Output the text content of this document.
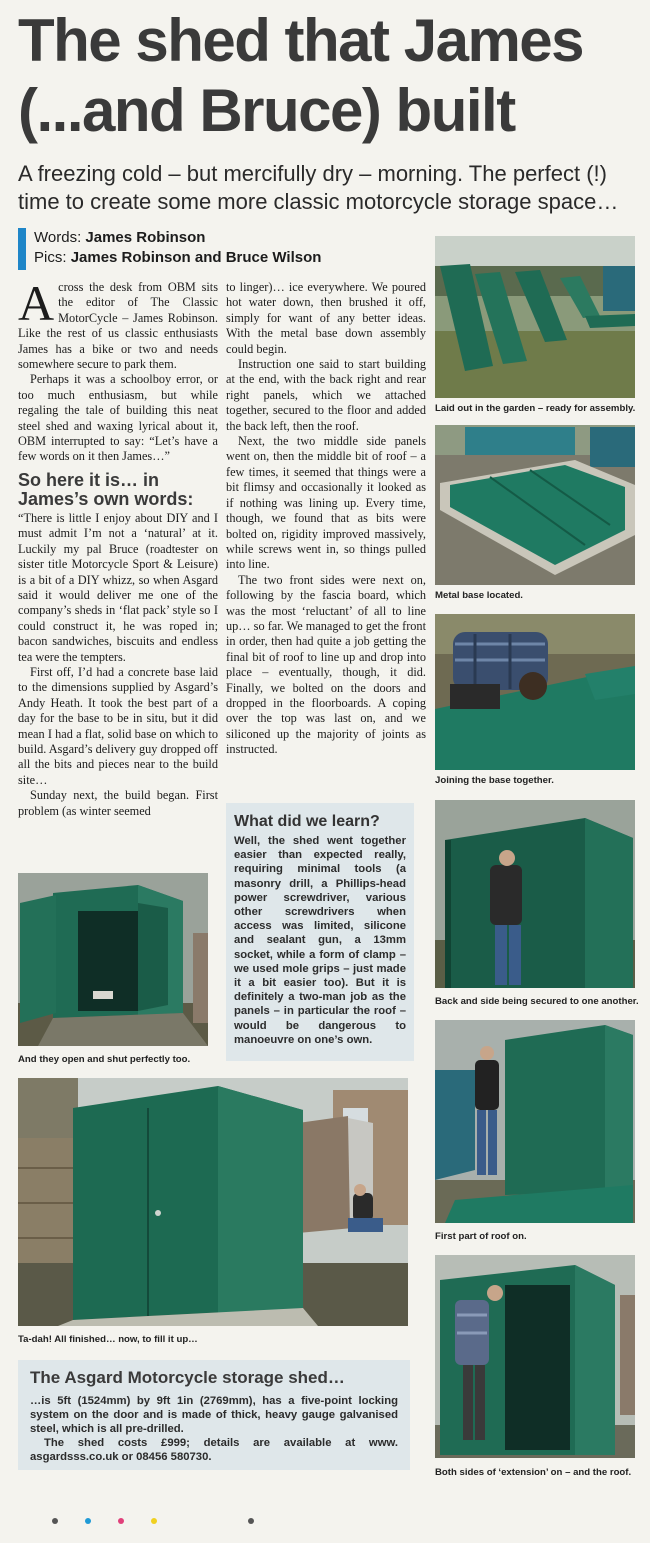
The shed that James
(...and Bruce) built
A freezing cold – but mercifully dry – morning. The perfect (!)
time to create some more classic motorcycle storage space…
Words: James Robinson
Pics: James Robinson and Bruce Wilson

Across the desk from OBM sits the editor of The Classic MotorCycle – James Robinson. Like the rest of us classic enthusiasts James has a bike or two and needs somewhere secure to park them.

Perhaps it was a schoolboy error, or too much enthusiasm, but while regaling the tale of building this neat steel shed and waxing lyrical about it, OBM interrupted to say: “Let’s have a few words on it then James…”

So here it is… in James’s own words:

“There is little I enjoy about DIY and I must admit I’m not a ‘natural’ at it. Luckily my pal Bruce (roadtester on sister title Motorcycle Sport & Leisure) is a bit of a DIY whizz, so when Asgard said it would deliver me one of the company’s sheds in ‘flat pack’ style so I could construct it, he was roped in; bacon sandwiches, biscuits and endless tea were the tempters.

First off, I’d had a concrete base laid to the dimensions supplied by Asgard’s Andy Heath. It took the best part of a day for the base to be in situ, but it did mean I had a flat, solid base on which to build. Asgard’s delivery guy dropped off all the bits and pieces near to the build site…

Sunday next, the build began. First problem (as winter seemed

to linger)… ice everywhere. We poured hot water down, then brushed it off, simply for want of any better ideas. With the metal base down assembly could begin.

Instruction one said to start building at the end, with the back right and rear right panels, which we attached together, secured to the floor and added the back left, then the roof.

Next, the two middle side panels went on, then the middle bit of roof – a few times, it seemed that things were a bit flimsy and occasionally it looked as if nothing was lining up. Every time, though, we found that as bits were bolted on, rigidity improved massively, while screws went in, so things pulled into line.

The two front sides were next on, following by the fascia board, which was the most ‘reluctant’ of all to line up… so far. We managed to get the front in order, then had quite a job getting the final bit of roof to line up and drop into place – eventually, though, it did. Finally, we bolted on the doors and dropped in the floorboards. A coping over the top was last on, and we siliconed up the majority of joints as instructed.

What did we learn?

Well, the shed went together easier than expected really, requiring minimal tools (a masonry drill, a Phillips-head power screwdriver, various other screwdrivers when access was limited, silicone and sealant gun, a 13mm socket, while a form of clamp – we used mole grips – just made it a bit easier too). But it is definitely a two-man job as the panels – in particular the roof – would be dangerous to manoeuvre on one’s own.

Laid out in the garden – ready for assembly.
Metal base located.
Joining the base together.
Back and side being secured to one another.
First part of roof on.
Both sides of ‘extension’ on – and the roof.
And they open and shut perfectly too.
Ta-dah! All finished… now, to fill it up…
The Asgard Motorcycle storage shed…

…is 5ft (1524mm) by 9ft 1in (2769mm), has a five-point locking system on the door and is made of thick, heavy gauge galvanised steel, which is all pre-drilled.

The shed costs £999; details are available at www. asgardsss.co.uk or 08456 580730.
